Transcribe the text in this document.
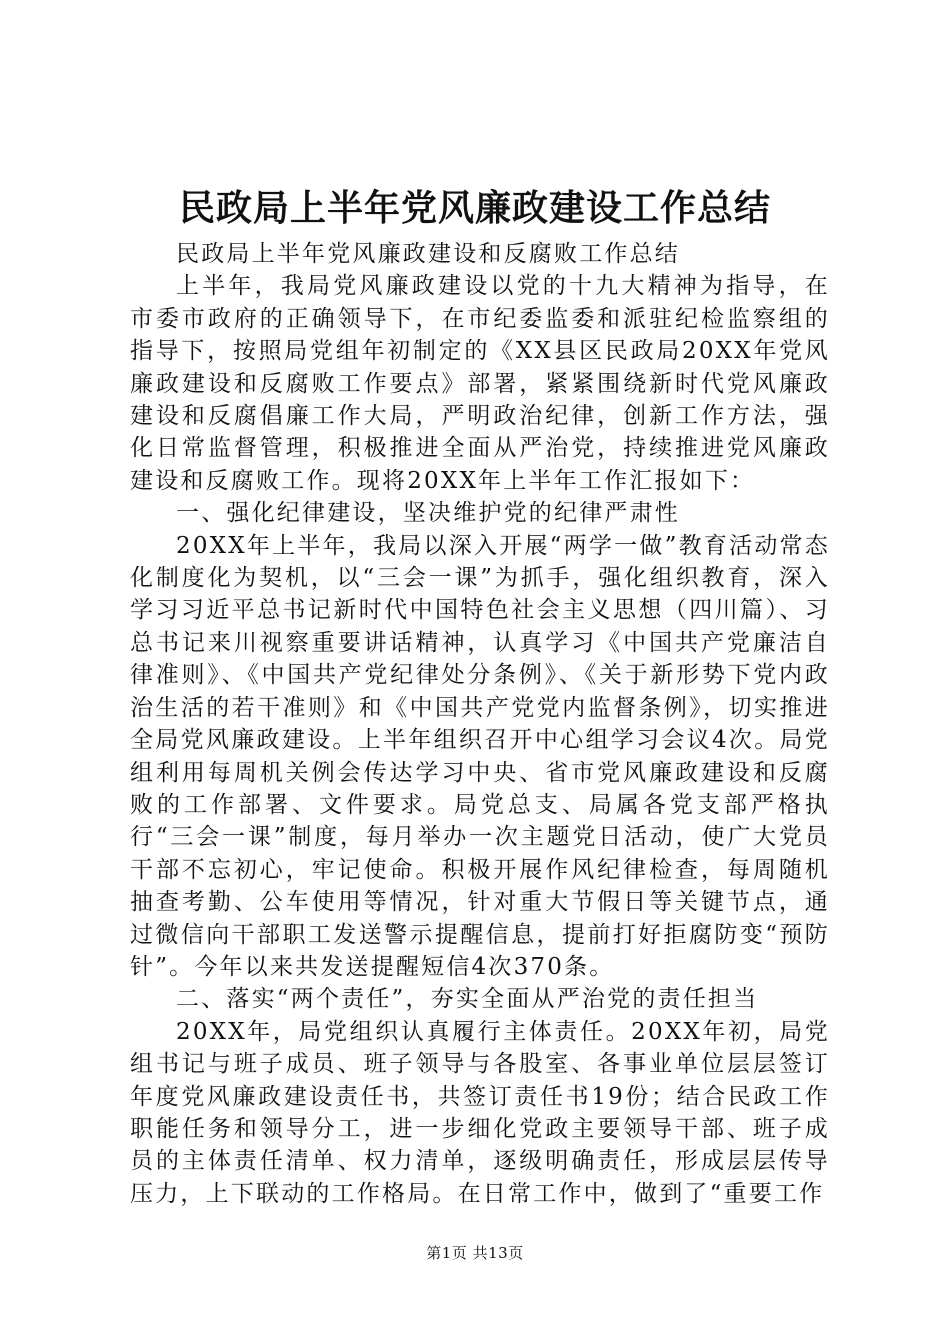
民政局上半年党风廉政建设工作总结

民政局上半年党风廉政建设和反腐败工作总结

上半年，我局党风廉政建设以党的十九大精神为指导，在市委市政府的正确领导下，在市纪委监委和派驻纪检监察组的指导下，按照局党组年初制定的《XX县区民政局20XX年党风廉政建设和反腐败工作要点》部署，紧紧围绕新时代党风廉政建设和反腐倡廉工作大局，严明政治纪律，创新工作方法，强化日常监督管理，积极推进全面从严治党，持续推进党风廉政建设和反腐败工作。现将20XX年上半年工作汇报如下：

一、强化纪律建设，坚决维护党的纪律严肃性

20XX年上半年，我局以深入开展“两学一做”教育活动常态化制度化为契机，以“三会一课”为抓手，强化组织教育，深入学习习近平总书记新时代中国特色社会主义思想（四川篇）、习总书记来川视察重要讲话精神，认真学习《中国共产党廉洁自律准则》、《中国共产党纪律处分条例》、《关于新形势下党内政治生活的若干准则》和《中国共产党党内监督条例》，切实推进全局党风廉政建设。上半年组织召开中心组学习会议4次。局党组利用每周机关例会传达学习中央、省市党风廉政建设和反腐败的工作部署、文件要求。局党总支、局属各党支部严格执行“三会一课”制度，每月举办一次主题党日活动，使广大党员干部不忘初心，牢记使命。积极开展作风纪律检查，每周随机抽查考勤、公车使用等情况，针对重大节假日等关键节点，通过微信向干部职工发送警示提醒信息，提前打好拒腐防变“预防针”。今年以来共发送提醒短信4次370条。

二、落实“两个责任”，夯实全面从严治党的责任担当

20XX年，局党组织认真履行主体责任。20XX年初，局党组书记与班子成员、班子领导与各股室、各事业单位层层签订年度党风廉政建设责任书，共签订责任书19份；结合民政工作职能任务和领导分工，进一步细化党政主要领导干部、班子成员的主体责任清单、权力清单，逐级明确责任，形成层层传导压力，上下联动的工作格局。在日常工作中，做到了“重要工作

第1页 共13页
